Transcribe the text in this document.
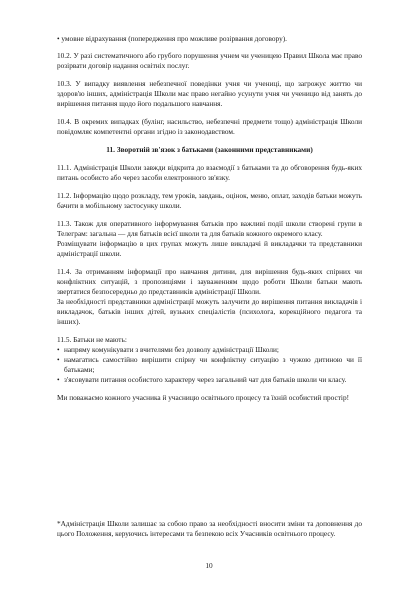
• умовне відрахування (попередження про можливе розірвання договору).

10.2. У разі систематичного або грубого порушення учнем чи ученицею Правил Школа має право розірвати договір надання освітніх послуг.

10.3. У випадку виявлення небезпечної поведінки учня чи учениці, що загрожує життю чи здоров'ю інших, адміністрація Школи має право негайно усунути учня чи ученицю від занять до вирішення питання щодо його подальшого навчання.

10.4. В окремих випадках (булінг, насильство, небезпечні предмети тощо) адміністрація Школи повідомляє компетентні органи згідно із законодавством.

11. Зворотній зв'язок з батьками (законними представниками)

11.1. Адміністрація Школи завжди відкрита до взаємодії з батьками та до обговорення будь-яких питань особисто або через засоби електронного зв'язку.

11.2. Інформацію щодо розкладу, тем уроків, завдань, оцінок, меню, оплат, заходів батьки можуть бачити в мобільному застосунку школи.

11.3. Також для оперативного інформування батьків про важливі події школи створені групи в Телеграм: загальна — для батьків всієї школи та для батьків кожного окремого класу.

Розміщувати інформацію в цих групах можуть лише викладачі й викладачки та представники адміністрації школи.

11.4. За отриманням інформації про навчання дитини, для вирішення будь-яких спірних чи конфліктних ситуацій, з пропозиціями і зауваженням щодо роботи Школи батьки мають звертатися безпосередньо до представників адміністрації Школи.

За необхідності представники адміністрації можуть залучити до вирішення питання викладачів і викладачок, батьків інших дітей, вузьких спеціалістів (психолога, корекційного педагога та інших).

11.5. Батьки не мають:

• напряму комунікувати з вчителями без дозволу адміністрації Школи;
• намагатись самостійно вирішити спірну чи конфліктну ситуацію з чужою дитиною чи її батьками;
• з'ясовувати питання особистого характеру через загальний чат для батьків школи чи класу.

Ми поважаємо кожного учасника й учасницю освітнього процесу та їхній особистий простір!

*Адміністрація Школи залишає за собою право за необхідності вносити зміни та доповнення до цього Положення, керуючись інтересами та безпекою всіх Учасників освітнього процесу.

10
